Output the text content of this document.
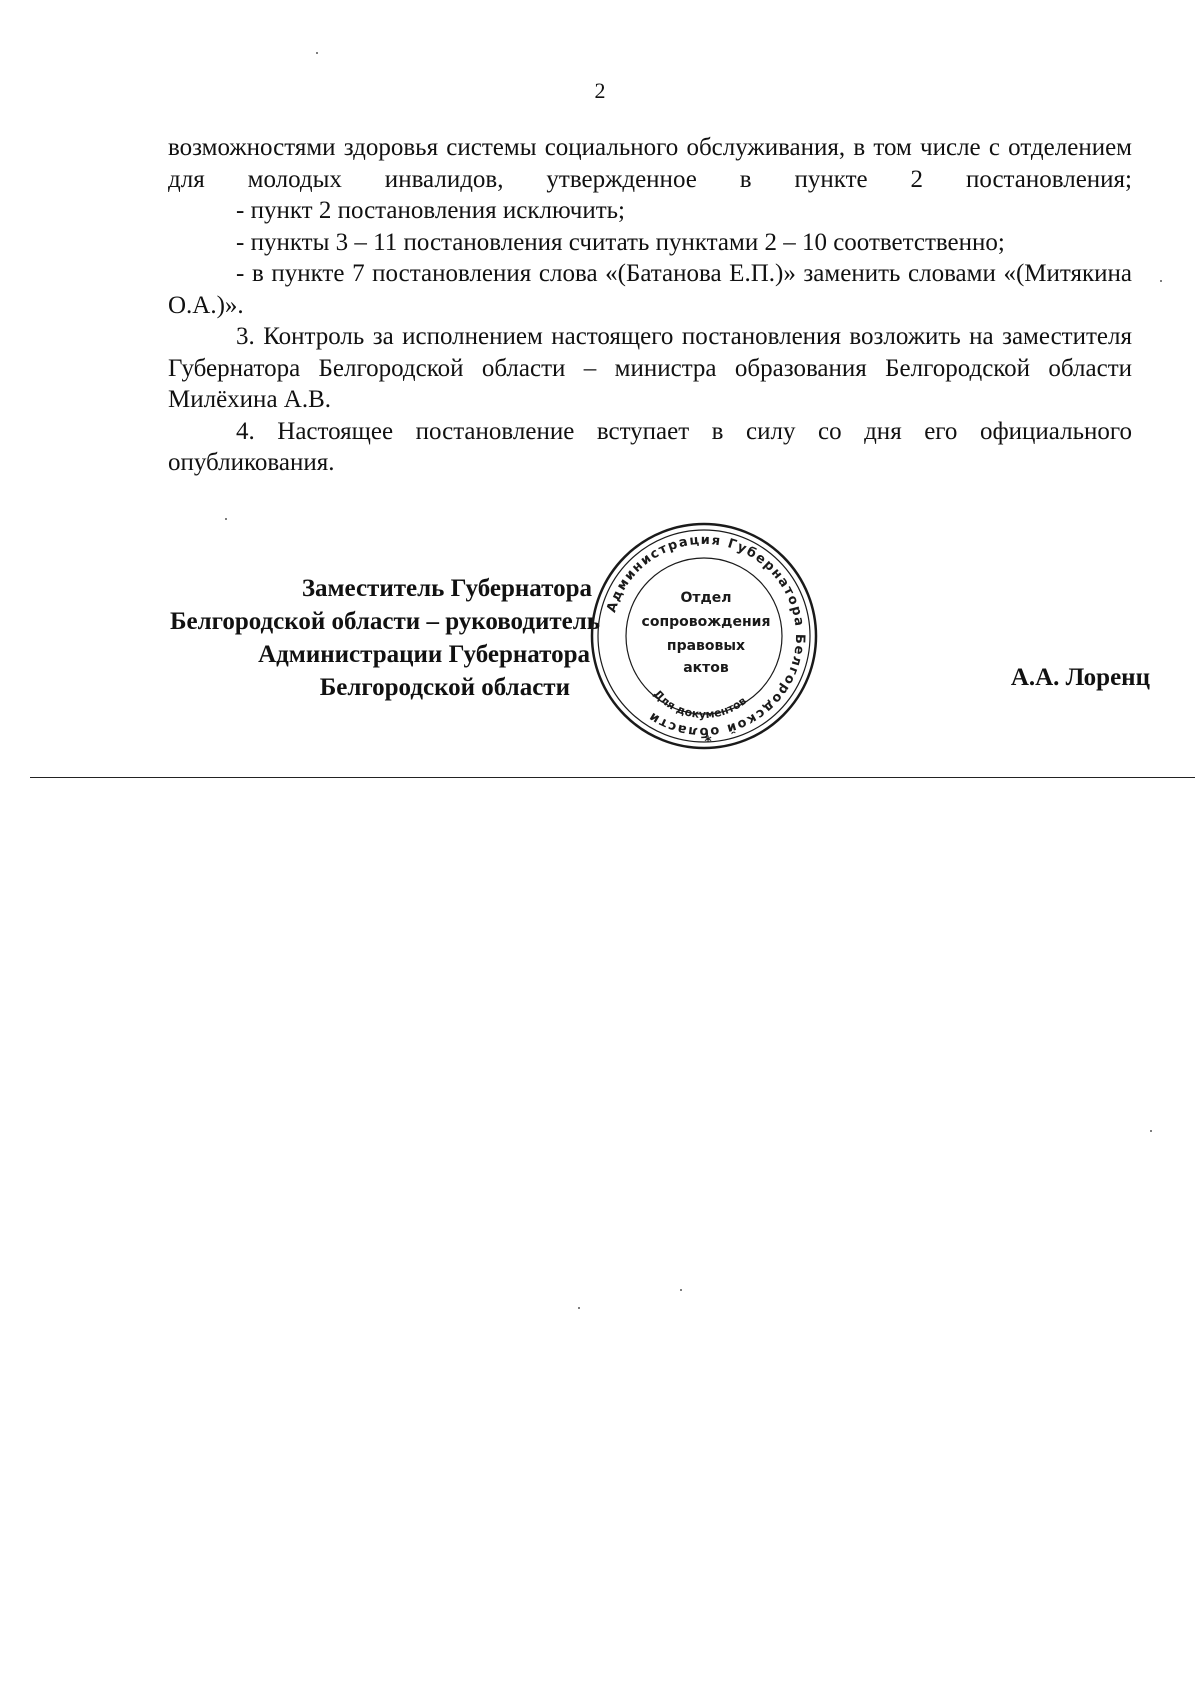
2

возможностями здоровья системы социального обслуживания, в том числе с отделением для молодых инвалидов, утвержденное в пункте 2 постановления;

- пункт 2 постановления исключить;

- пункты 3 – 11 постановления считать пунктами 2 – 10 соответственно;

- в пункте 7 постановления слова «(Батанова Е.П.)» заменить словами «(Митякина О.А.)».

3. Контроль за исполнением настоящего постановления возложить на заместителя Губернатора Белгородской области – министра образования Белгородской области Милёхина А.В.

4. Настоящее постановление вступает в силу со дня его официального опубликования.

Заместитель Губернатора
Белгородской области – руководитель
Администрации Губернатора
Белгородской области
Администрация Губернатора Белгородской области
Для документов
Отдел
сопровождения
правовых
актов
*
А.А. Лоренц
